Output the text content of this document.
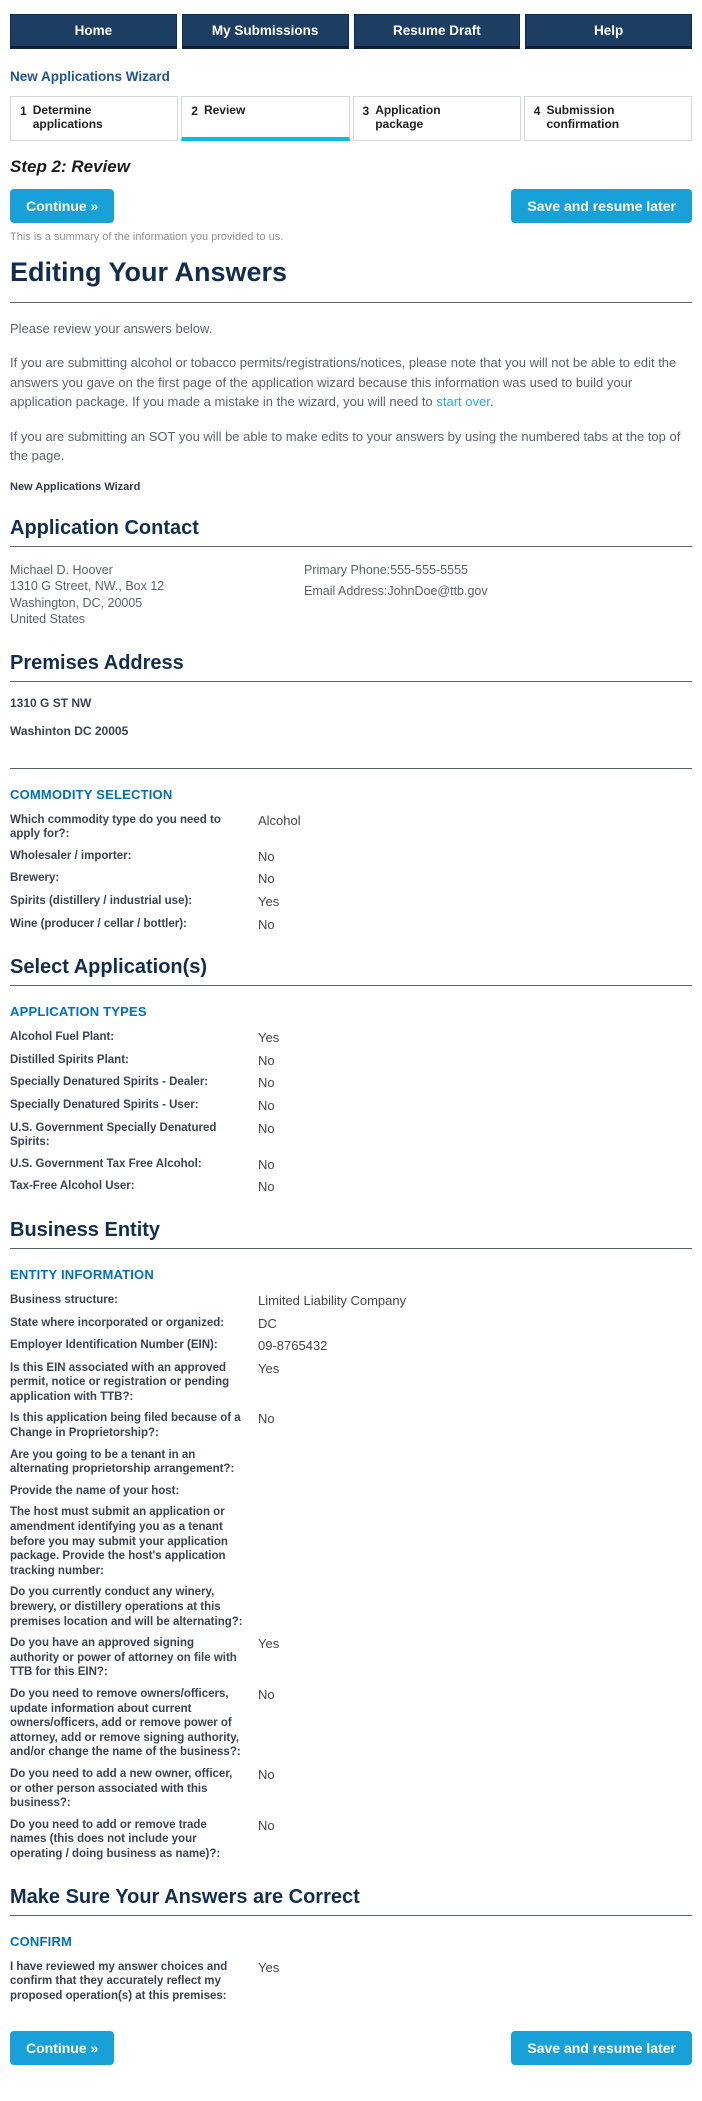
Home	My Submissions	Resume Draft	Help
New Applications Wizard
1 Determine applications
2 Review	3 Application package
4 Submission confirmation
Step 2: Review
Continue »	Save and resume later
This is a summary of the information you provided to us.
Editing Your Answers

Please review your answers below.

If you are submitting alcohol or tobacco permits/registrations/notices, please note that you will not be able to edit the answers you gave on the first page of the application wizard because this information was used to build your application package. If you made a mistake in the wizard, you will need to start over.

If you are submitting an SOT you will be able to make edits to your answers by using the numbered tabs at the top of the page.

New Applications Wizard
Application Contact
Michael D. Hoover
1310 G Street, NW., Box 12
Washington, DC, 20005
United States
Primary Phone:555-555-5555
Email Address:JohnDoe@ttb.gov
Premises Address
1310 G ST NW
Washinton DC 20005
COMMODITY SELECTION
Which commodity type do you need to apply for?:
Alcohol
Wholesaler / importer:	No
Brewery:	No
Spirits (distillery / industrial use):	Yes
Wine (producer / cellar / bottler):	No
Select Application(s)
APPLICATION TYPES
Alcohol Fuel Plant:	Yes
Distilled Spirits Plant:	No
Specially Denatured Spirits - Dealer:	No
Specially Denatured Spirits - User:	No
U.S. Government Specially Denatured Spirits:
No
U.S. Government Tax Free Alcohol:	No
Tax-Free Alcohol User:	No
Business Entity
ENTITY INFORMATION
Business structure:	Limited Liability Company
State where incorporated or organized:	DC
Employer Identification Number (EIN):	09-8765432
Is this EIN associated with an approved permit, notice or registration or pending application with TTB?:
Yes
Is this application being filed because of a Change in Proprietorship?:
No
Are you going to be a tenant in an alternating proprietorship arrangement?:
Provide the name of your host:
The host must submit an application or amendment identifying you as a tenant before you may submit your application package. Provide the host's application tracking number:
Do you currently conduct any winery, brewery, or distillery operations at this premises location and will be alternating?:
Do you have an approved signing authority or power of attorney on file with TTB for this EIN?:
Yes
Do you need to remove owners/officers, update information about current owners/officers, add or remove power of attorney, add or remove signing authority, and/or change the name of the business?:
No
Do you need to add a new owner, officer, or other person associated with this business?:
No
Do you need to add or remove trade names (this does not include your operating / doing business as name)?:
No
Make Sure Your Answers are Correct
CONFIRM
I have reviewed my answer choices and confirm that they accurately reflect my proposed operation(s) at this premises:
Yes
Continue »	Save and resume later
